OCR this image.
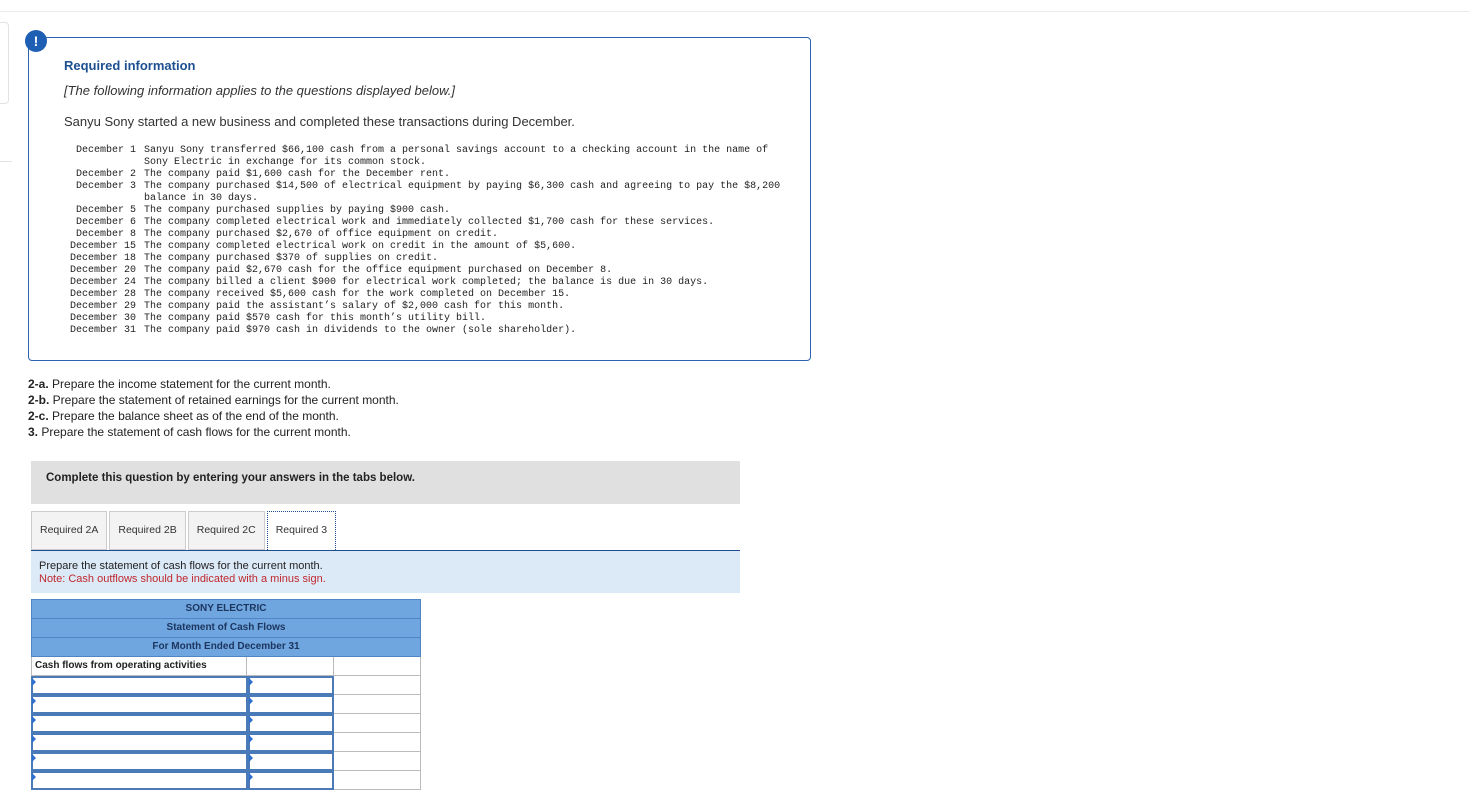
Required information
[The following information applies to the questions displayed below.]
Sanyu Sony started a new business and completed these transactions during December.
December 1 Sanyu Sony transferred $66,100 cash from a personal savings account to a checking account in the name of Sony Electric in exchange for its common stock.
December 2 The company paid $1,600 cash for the December rent.
December 3 The company purchased $14,500 of electrical equipment by paying $6,300 cash and agreeing to pay the $8,200 balance in 30 days.
December 5 The company purchased supplies by paying $900 cash.
December 6 The company completed electrical work and immediately collected $1,700 cash for these services.
December 8 The company purchased $2,670 of office equipment on credit.
December 15 The company completed electrical work on credit in the amount of $5,600.
December 18 The company purchased $370 of supplies on credit.
December 20 The company paid $2,670 cash for the office equipment purchased on December 8.
December 24 The company billed a client $900 for electrical work completed; the balance is due in 30 days.
December 28 The company received $5,600 cash for the work completed on December 15.
December 29 The company paid the assistant’s salary of $2,000 cash for this month.
December 30 The company paid $570 cash for this month’s utility bill.
December 31 The company paid $970 cash in dividends to the owner (sole shareholder).
!
2-a. Prepare the income statement for the current month.
2-b. Prepare the statement of retained earnings for the current month.
2-c. Prepare the balance sheet as of the end of the month.
3. Prepare the statement of cash flows for the current month.
Complete this question by entering your answers in the tabs below.
Required 2A	Required 2B	Required 2C	Required 3
Prepare the statement of cash flows for the current month.
Note: Cash outflows should be indicated with a minus sign.
SONY ELECTRIC
Statement of Cash Flows
For Month Ended December 31
Cash flows from operating activities
